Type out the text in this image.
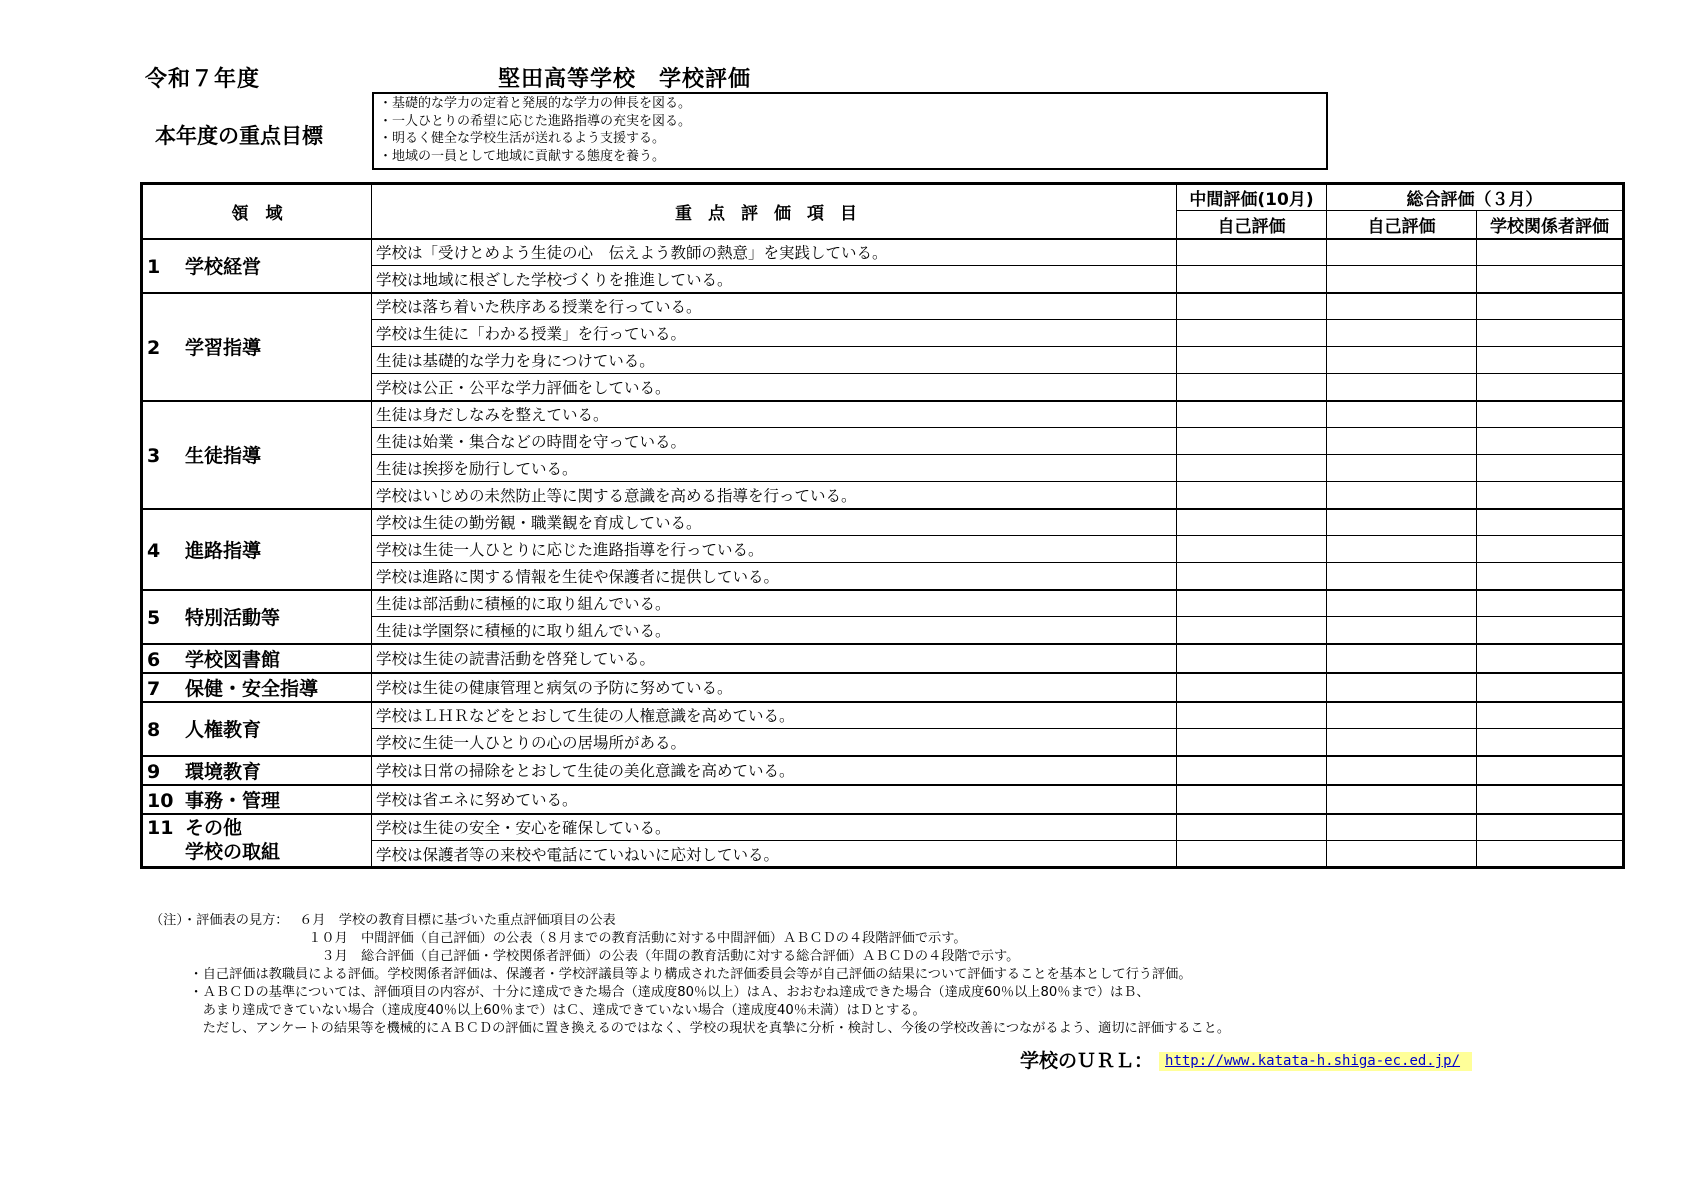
令和７年度	堅田高等学校　学校評価
本年度の重点目標
・基礎的な学力の定着と発展的な学力の伸長を図る。
・一人ひとりの希望に応じた進路指導の充実を図る。
・明るく健全な学校生活が送れるよう支援する。
・地域の一員として地域に貢献する態度を養う。
領　域	重点評価項目	中間評価(10月)	総合評価（３月）	
		自己評価	自己評価	学校関係者評価
1 学校経営	学校は「受けとめよう生徒の心　伝えよう教師の熱意」を実践している。			
	学校は地域に根ざした学校づくりを推進している。			
2 学習指導	学校は落ち着いた秩序ある授業を行っている。			
	学校は生徒に「わかる授業」を行っている。			
	生徒は基礎的な学力を身につけている。			
	学校は公正・公平な学力評価をしている。			
3 生徒指導	生徒は身だしなみを整えている。			
	生徒は始業・集合などの時間を守っている。			
	生徒は挨拶を励行している。			
	学校はいじめの未然防止等に関する意識を高める指導を行っている。			
4 進路指導	学校は生徒の勤労観・職業観を育成している。			
	学校は生徒一人ひとりに応じた進路指導を行っている。			
	学校は進路に関する情報を生徒や保護者に提供している。			
5 特別活動等	生徒は部活動に積極的に取り組んでいる。			
	生徒は学園祭に積極的に取り組んでいる。			
6 学校図書館	学校は生徒の読書活動を啓発している。			
7 保健・安全指導	学校は生徒の健康管理と病気の予防に努めている。			
8 人権教育	学校はＬＨＲなどをとおして生徒の人権意識を高めている。			
	学校に生徒一人ひとりの心の居場所がある。			
9 環境教育	学校は日常の掃除をとおして生徒の美化意識を高めている。			
10 事務・管理	学校は省エネに努めている。			
11 その他
学校の取組	学校は生徒の安全・安心を確保している。			
	学校は保護者等の来校や電話にていねいに応対している。			
（注）・評価表の見方：　 ６月　学校の教育目標に基づいた重点評価項目の公表
　　　　　　　　　　　　１０月　中間評価（自己評価）の公表（８月までの教育活動に対する中間評価）ＡＢＣＤの４段階評価で示す。
　　　　　　　　　　　　　３月　総合評価（自己評価・学校関係者評価）の公表（年間の教育活動に対する総合評価）ＡＢＣＤの４段階で示す。
　　　・自己評価は教職員による評価。学校関係者評価は、保護者・学校評議員等より構成された評価委員会等が自己評価の結果について評価することを基本として行う評価。
　　　・ＡＢＣＤの基準については、評価項目の内容が、十分に達成できた場合（達成度80％以上）はＡ、おおむね達成できた場合（達成度60％以上80％まで）はＢ、
　　　　あまり達成できていない場合（達成度40％以上60％まで）はＣ、達成できていない場合（達成度40％未満）はＤとする。
　　　　ただし、アンケートの結果等を機械的にＡＢＣＤの評価に置き換えるのではなく、学校の現状を真摯に分析・検討し、今後の学校改善につながるよう、適切に評価すること。
学校のＵＲＬ： http://www.katata-h.shiga-ec.ed.jp/
